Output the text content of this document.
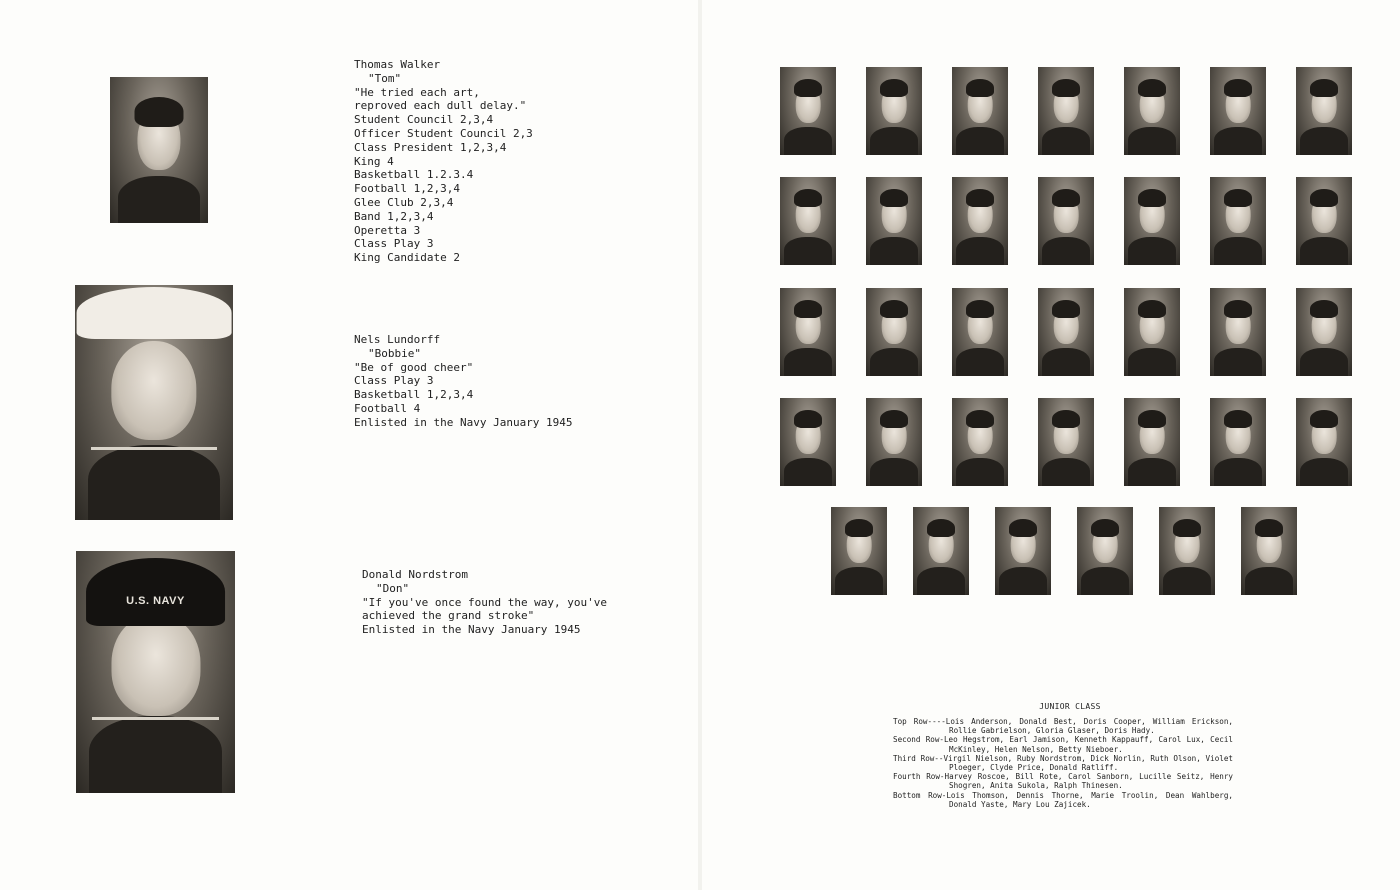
U.S. NAVY
Thomas Walker
"Tom"
"He tried each art,
reproved each dull delay."
Student Council 2,3,4
Officer Student Council 2,3
Class President 1,2,3,4
King 4
Basketball 1.2.3.4
Football 1,2,3,4
Glee Club 2,3,4
Band 1,2,3,4
Operetta 3
Class Play 3
King Candidate 2
Nels Lundorff
"Bobbie"
"Be of good cheer"
Class Play 3
Basketball 1,2,3,4
Football 4
Enlisted in the Navy January 1945
Donald Nordstrom
"Don"
"If you've once found the way, you've
achieved the grand stroke"
Enlisted in the Navy January 1945

JUNIOR CLASS

Top Row----Lois Anderson, Donald Best, Doris Cooper, William Erickson, Rollie Gabrielson, Gloria Glaser, Doris Hady.
Second Row-Leo Hegstrom, Earl Jamison, Kenneth Kappauff, Carol Lux, Cecil McKinley, Helen Nelson, Betty Nieboer.
Third Row--Virgil Nielson, Ruby Nordstrom, Dick Norlin, Ruth Olson, Violet Ploeger, Clyde Price, Donald Ratliff.
Fourth Row-Harvey Roscoe, Bill Rote, Carol Sanborn, Lucille Seitz, Henry Shogren, Anita Sukola, Ralph Thinesen.
Bottom Row-Lois Thomson, Dennis Thorne, Marie Troolin, Dean Wahlberg, Donald Yaste, Mary Lou Zajicek.
